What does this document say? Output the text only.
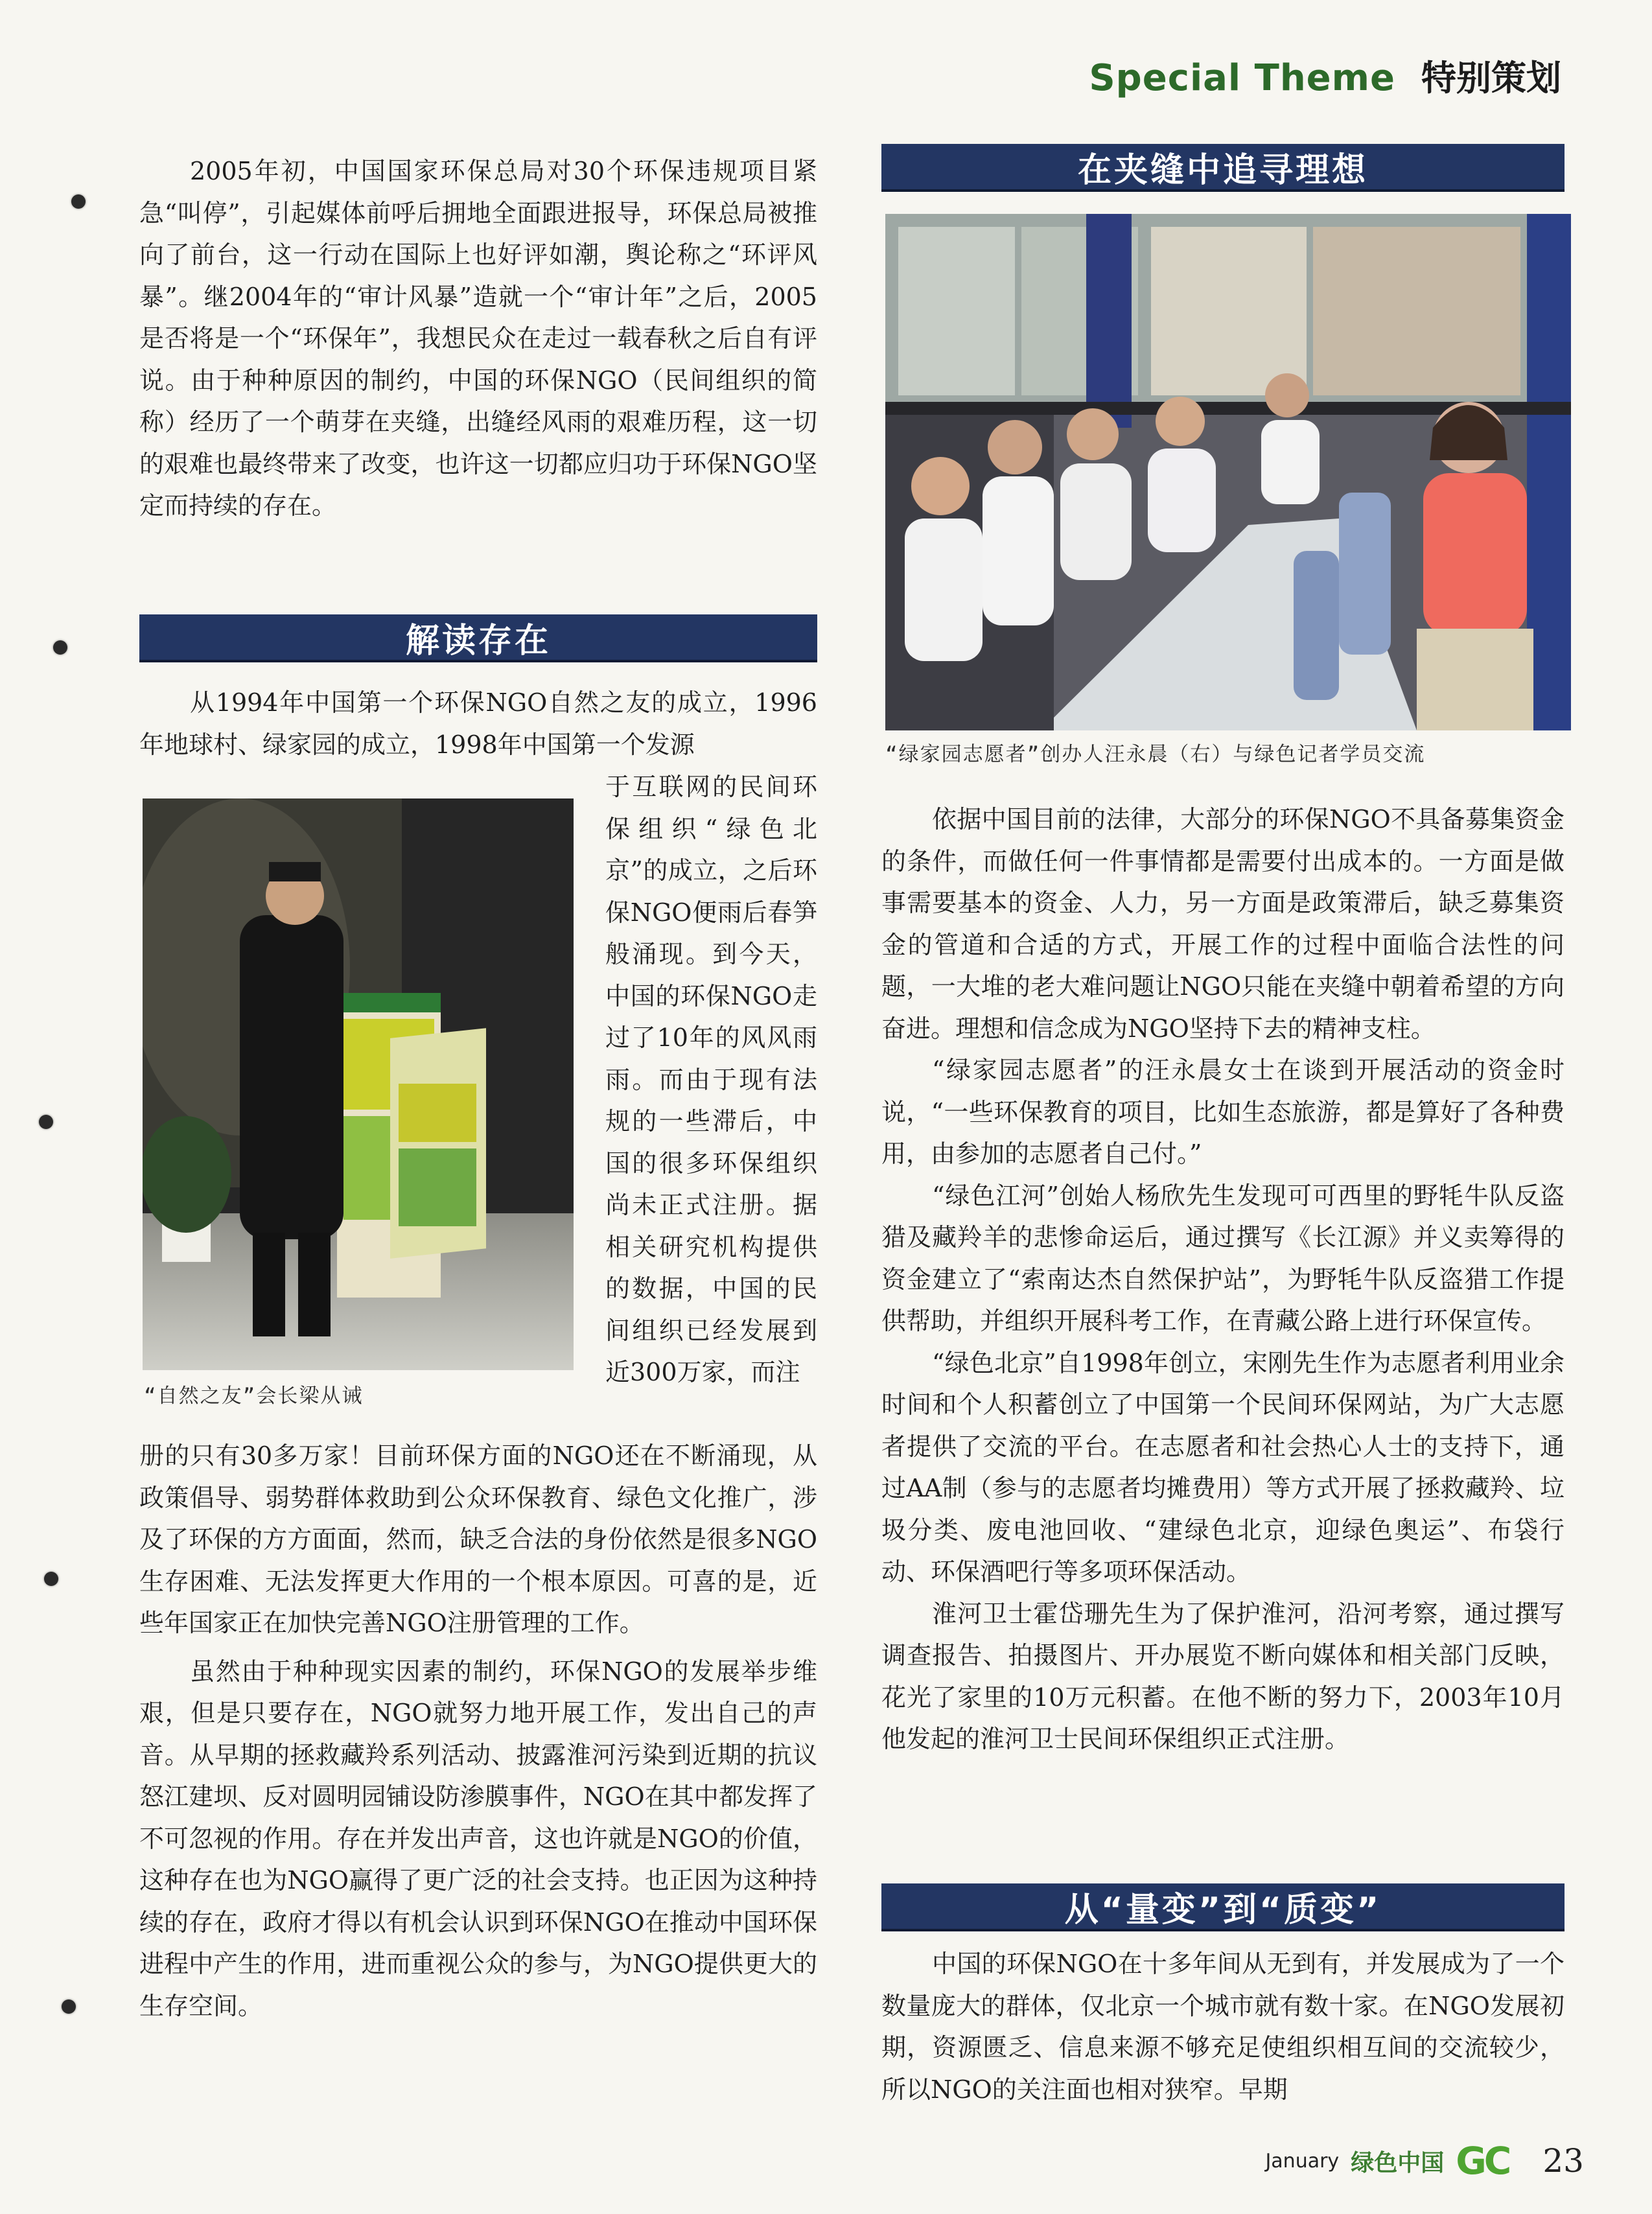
Special Theme 特别策划

2005年初，中国国家环保总局对30个环保违规项目紧急“叫停”，引起媒体前呼后拥地全面跟进报导，环保总局被推向了前台，这一行动在国际上也好评如潮，舆论称之“环评风暴”。继2004年的“审计风暴”造就一个“审计年”之后，2005是否将是一个“环保年”，我想民众在走过一载春秋之后自有评说。由于种种原因的制约，中国的环保NGO（民间组织的简称）经历了一个萌芽在夹缝，出缝经风雨的艰难历程，这一切的艰难也最终带来了改变，也许这一切都应归功于环保NGO坚定而持续的存在。

解读存在

从1994年中国第一个环保NGO自然之友的成立，1996年地球村、绿家园的成立，1998年中国第一个发源

“自然之友”会长梁从诫

于互联网的民间环保组织“绿色北京”的成立，之后环保NGO便雨后春笋般涌现。到今天，中国的环保NGO走过了10年的风风雨雨。而由于现有法规的一些滞后，中国的很多环保组织尚未正式注册。据相关研究机构提供的数据，中国的民间组织已经发展到近300万家，而注

册的只有30多万家！目前环保方面的NGO还在不断涌现，从政策倡导、弱势群体救助到公众环保教育、绿色文化推广，涉及了环保的方方面面，然而，缺乏合法的身份依然是很多NGO生存困难、无法发挥更大作用的一个根本原因。可喜的是，近些年国家正在加快完善NGO注册管理的工作。

虽然由于种种现实因素的制约，环保NGO的发展举步维艰，但是只要存在，NGO就努力地开展工作，发出自己的声音。从早期的拯救藏羚系列活动、披露淮河污染到近期的抗议怒江建坝、反对圆明园铺设防渗膜事件，NGO在其中都发挥了不可忽视的作用。存在并发出声音，这也许就是NGO的价值，这种存在也为NGO赢得了更广泛的社会支持。也正因为这种持续的存在，政府才得以有机会认识到环保NGO在推动中国环保进程中产生的作用，进而重视公众的参与，为NGO提供更大的生存空间。

在夹缝中追寻理想
“绿家园志愿者”创办人汪永晨（右）与绿色记者学员交流

依据中国目前的法律，大部分的环保NGO不具备募集资金的条件，而做任何一件事情都是需要付出成本的。一方面是做事需要基本的资金、人力，另一方面是政策滞后，缺乏募集资金的管道和合适的方式，开展工作的过程中面临合法性的问题，一大堆的老大难问题让NGO只能在夹缝中朝着希望的方向奋进。理想和信念成为NGO坚持下去的精神支柱。

“绿家园志愿者”的汪永晨女士在谈到开展活动的资金时说，“一些环保教育的项目，比如生态旅游，都是算好了各种费用，由参加的志愿者自己付。”

“绿色江河”创始人杨欣先生发现可可西里的野牦牛队反盗猎及藏羚羊的悲惨命运后，通过撰写《长江源》并义卖筹得的资金建立了“索南达杰自然保护站”，为野牦牛队反盗猎工作提供帮助，并组织开展科考工作，在青藏公路上进行环保宣传。

“绿色北京”自1998年创立，宋刚先生作为志愿者利用业余时间和个人积蓄创立了中国第一个民间环保网站，为广大志愿者提供了交流的平台。在志愿者和社会热心人士的支持下，通过AA制（参与的志愿者均摊费用）等方式开展了拯救藏羚、垃圾分类、废电池回收、“建绿色北京，迎绿色奥运”、布袋行动、环保酒吧行等多项环保活动。

淮河卫士霍岱珊先生为了保护淮河，沿河考察，通过撰写调查报告、拍摄图片、开办展览不断向媒体和相关部门反映，花光了家里的10万元积蓄。在他不断的努力下，2003年10月他发起的淮河卫士民间环保组织正式注册。

从“量变”到“质变”

中国的环保NGO在十多年间从无到有，并发展成为了一个数量庞大的群体，仅北京一个城市就有数十家。在NGO发展初期，资源匮乏、信息来源不够充足使组织相互间的交流较少，所以NGO的关注面也相对狭窄。早期

January 绿色中国 GC 23
